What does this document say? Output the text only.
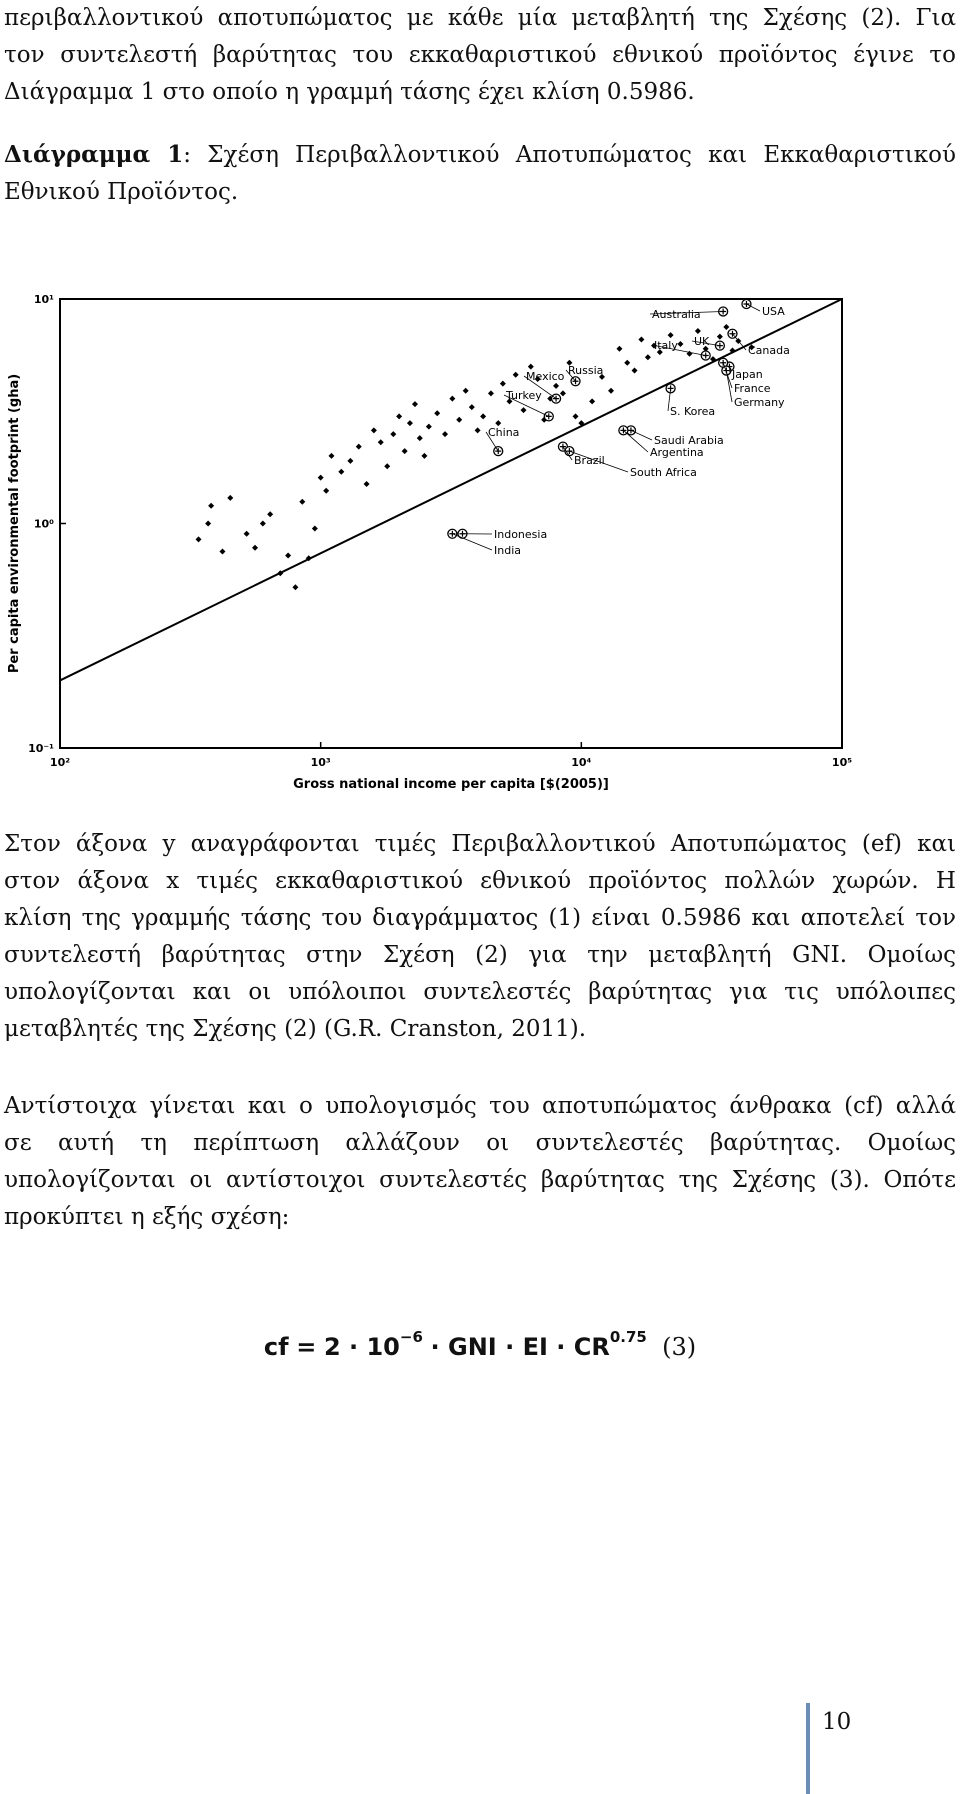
περιβαλλοντικού αποτυπώματος με κάθε μία μεταβλητή της Σχέσης (2). Για
τον συντελεστή βαρύτητας του εκκαθαριστικού εθνικού προϊόντος έγινε το
Διάγραμμα 1 στο οποίο η γραμμή τάσης έχει κλίση 0.5986.

Διάγραμμα 1: Σχέση Περιβαλλοντικού Αποτυπώματος και Εκκαθαριστικού
Εθνικού Προϊόντος.

10²	10³	10⁴	10⁵
10¹
10⁰
10⁻¹
USA
Australia
UK
Italy	Canada
Japan
France
Germany
S. Korea
Mexico Russia
Turkey
China
Saudi Arabia
Argentina
Brazil
South Africa
Indonesia
India
Gross national income per capita [$(2005)]
Per capita environmental footprint (gha)

Στον άξονα y αναγράφονται τιμές Περιβαλλοντικού Αποτυπώματος (ef) και
στον άξονα x τιμές εκκαθαριστικού εθνικού προϊόντος πολλών χωρών. Η
κλίση της γραμμής τάσης του διαγράμματος (1) είναι 0.5986 και αποτελεί τον
συντελεστή βαρύτητας στην Σχέση (2) για την μεταβλητή GNI. Ομοίως
υπολογίζονται και οι υπόλοιποι συντελεστές βαρύτητας για τις υπόλοιπες
μεταβλητές της Σχέσης (2) (G.R. Cranston, 2011).

Αντίστοιχα γίνεται και ο υπολογισμός του αποτυπώματος άνθρακα (cf) αλλά
σε αυτή τη περίπτωση αλλάζουν οι συντελεστές βαρύτητας. Ομοίως
υπολογίζονται οι αντίστοιχοι συντελεστές βαρύτητας της Σχέσης (3). Οπότε
προκύπτει η εξής σχέση:

cf = $2 \cdot 10^{-6}$ · GNI · EI · $CR^{0.75}$ (3)
10
